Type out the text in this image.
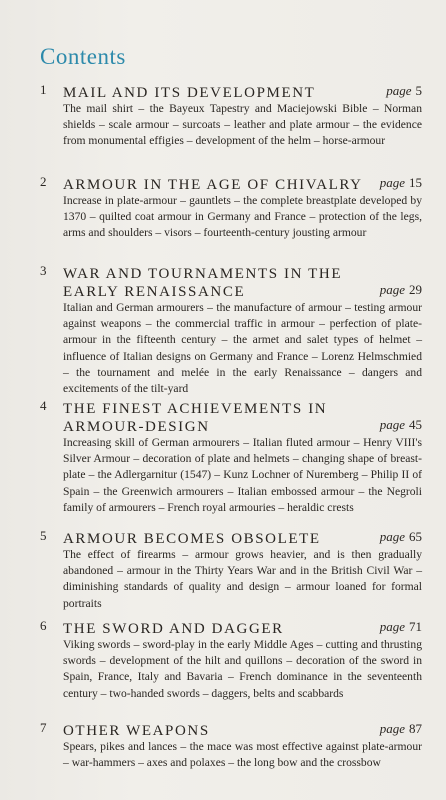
Contents
1 MAIL AND ITS DEVELOPMENT	page 5
The mail shirt – the Bayeux Tapestry and Maciejowski Bible – Norman shields – scale armour – surcoats – leather and plate armour – the evidence from monumental effigies – development of the helm – horse-armour
2 ARMOUR IN THE AGE OF CHIVALRY page 15
Increase in plate-armour – gauntlets – the complete breastplate developed by 1370 – quilted coat armour in Germany and France – protection of the legs, arms and shoulders – visors – fourteenth-century jousting armour
3 WAR AND TOURNAMENTS IN THE
EARLY RENAISSANCE	page 29
Italian and German armourers – the manufacture of armour – testing armour against weapons – the commercial traffic in armour – perfection of plate-armour in the fifteenth century – the armet and salet types of helmet – influence of Italian designs on Germany and France – Lorenz Helmschmied – the tournament and melée in the early Renaissance – dangers and excitements of the tilt-yard
4 THE FINEST ACHIEVEMENTS IN
ARMOUR-DESIGN	page 45
Increasing skill of German armourers – Italian fluted armour – Henry VIII's Silver Armour – decoration of plate and helmets – changing shape of breast-plate – the Adlergarnitur (1547) – Kunz Lochner of Nuremberg – Philip II of Spain – the Greenwich armourers – Italian embossed armour – the Negroli family of armourers – French royal armouries – heraldic crests
5 ARMOUR BECOMES OBSOLETE	page 65
The effect of firearms – armour grows heavier, and is then gradually abandoned – armour in the Thirty Years War and in the British Civil War – diminishing standards of quality and design – armour loaned for formal portraits
6 THE SWORD AND DAGGER	page 71
Viking swords – sword-play in the early Middle Ages – cutting and thrusting swords – development of the hilt and quillons – decoration of the sword in Spain, France, Italy and Bavaria – French dominance in the seventeenth century – two-handed swords – daggers, belts and scabbards
7 OTHER WEAPONS	page 87
Spears, pikes and lances – the mace was most effective against plate-armour – war-hammers – axes and polaxes – the long bow and the crossbow
